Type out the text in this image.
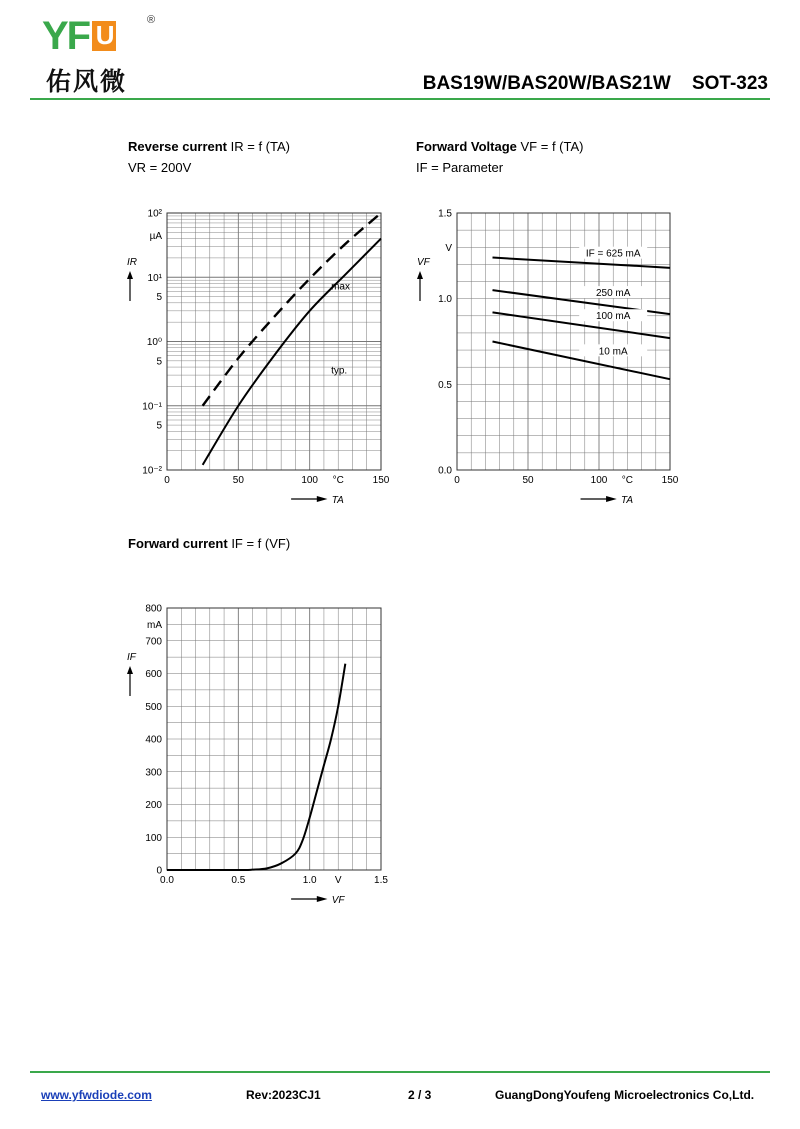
YF U	®
佑风微	BAS19W/BAS20W/BAS21W    SOT-323
Reverse current IR = f (TA)
VR = 200V
Forward Voltage VF = f (TA)
IF = Parameter
Forward current IF = f (VF)
0	50	100 °C	150
10²
µA
10¹
5
10⁰
5
10⁻¹
5
10⁻²
IR
TA
max
typ.
0	50	100 °C	150
1.5
V
1.0
0.5
0.0
VF
TA
IF = 625 mA
250 mA
100 mA
10 mA
0.0	0.5	1.0 V	1.5
800
mA
700
600
500
400
300
200
100
0
IF
VF
www.yfwdiode.com	Rev:2023CJ1	2 / 3	GuangDongYoufeng Microelectronics Co,Ltd.
